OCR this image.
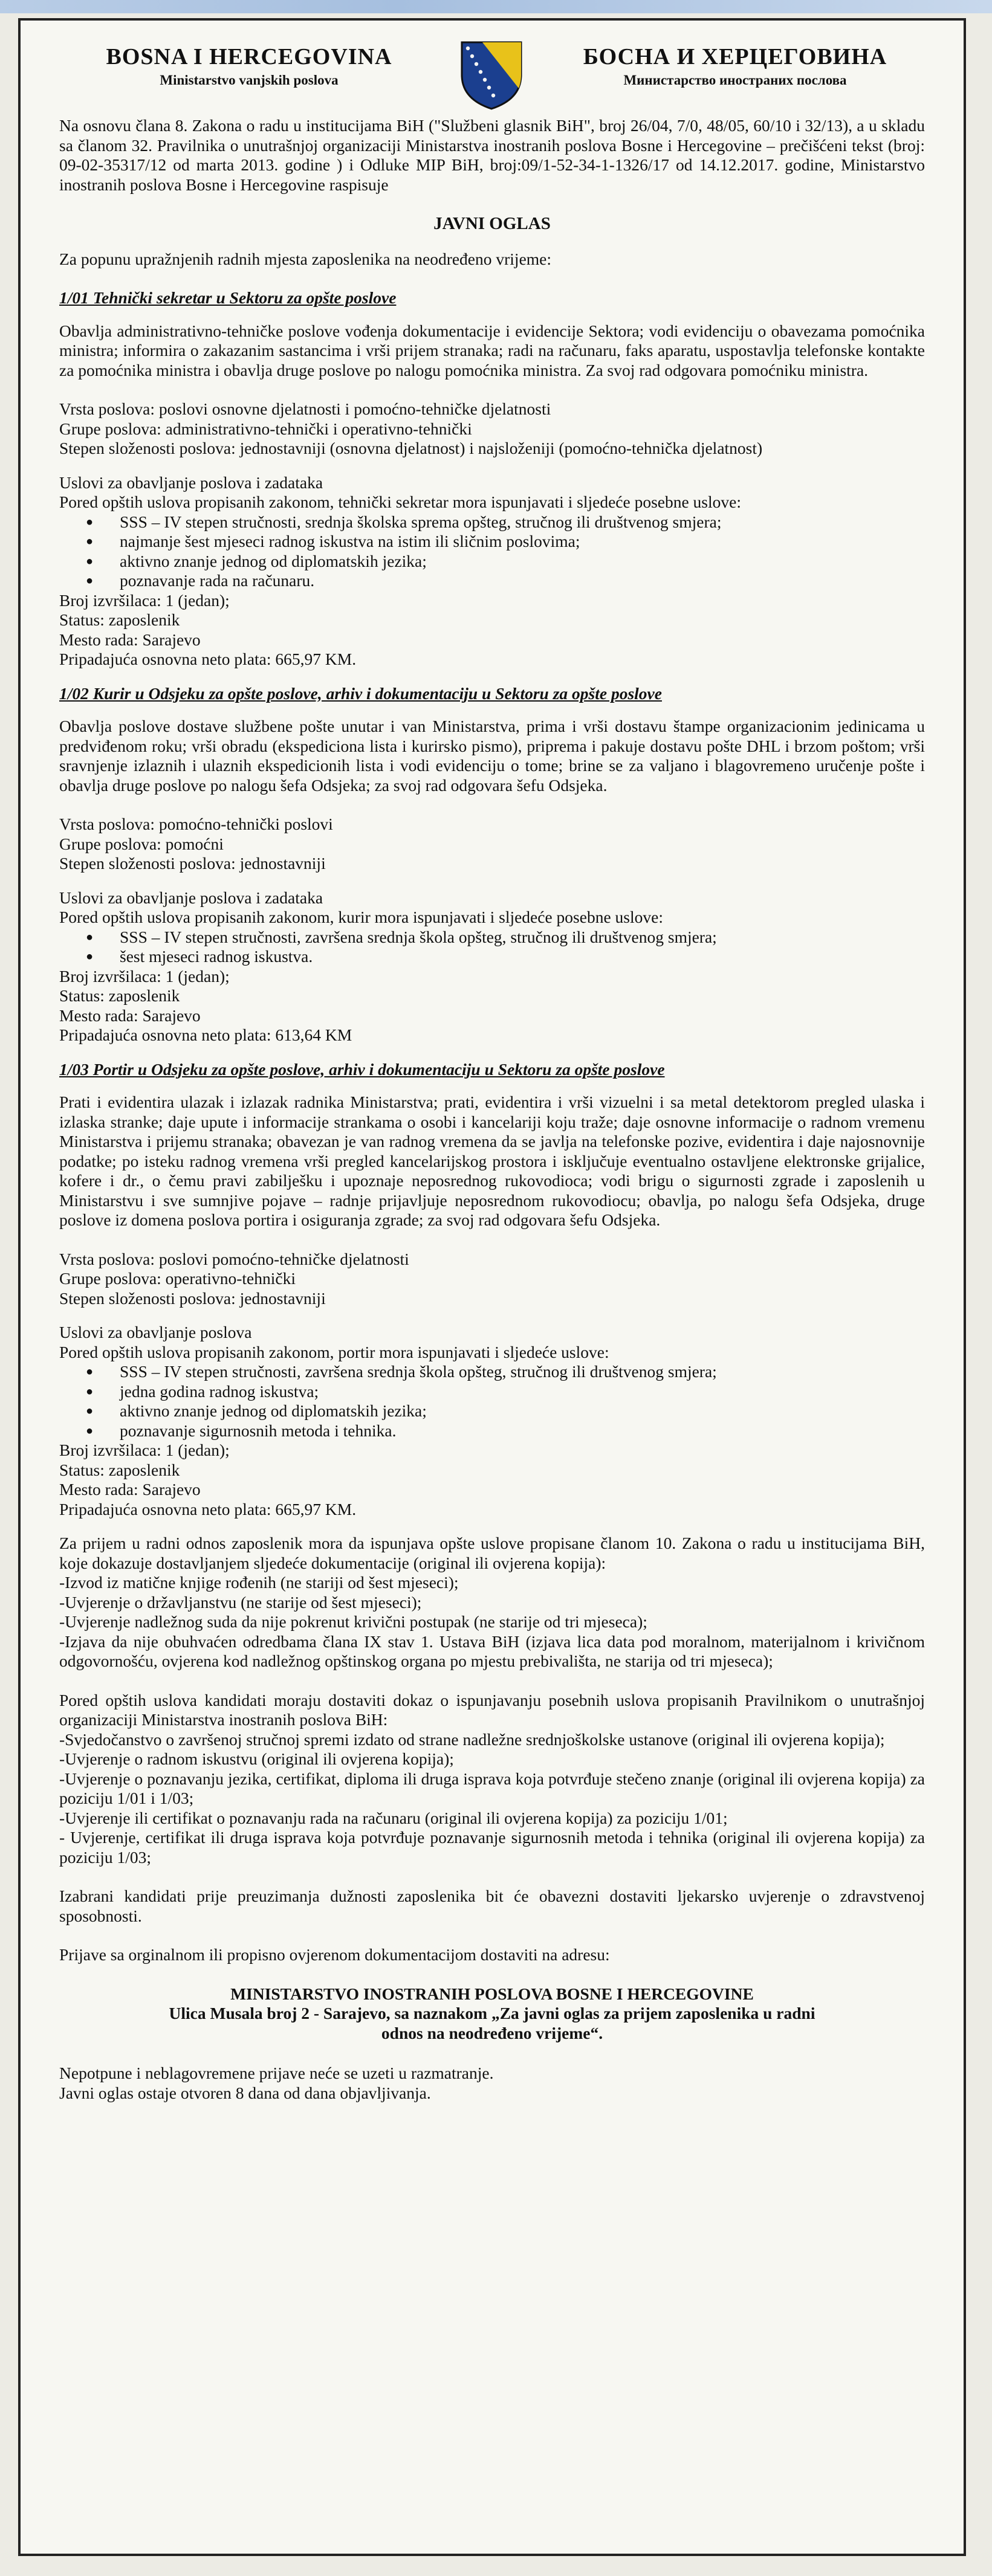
BOSNA I HERCEGOVINA
Ministarstvo vanjskih poslova
БОСНА И ХЕРЦЕГОВИНА
Министарство иностраних послова

Na osnovu člana 8. Zakona o radu u institucijama BiH ("Službeni glasnik BiH", broj 26/04, 7/0, 48/05, 60/10 i 32/13), a u skladu sa članom 32. Pravilnika o unutrašnjoj organizaciji Ministarstva inostranih poslova Bosne i Hercegovine – prečišćeni tekst (broj: 09-02-35317/12 od marta 2013. godine ) i Odluke MIP BiH, broj:09/1-52-34-1-1326/17 od 14.12.2017. godine, Ministarstvo inostranih poslova Bosne i Hercegovine raspisuje

JAVNI OGLAS

Za popunu upražnjenih radnih mjesta zaposlenika na neodređeno vrijeme:

1/01 Tehnički sekretar u Sektoru za opšte poslove

Obavlja administrativno-tehničke poslove vođenja dokumentacije i evidencije Sektora; vodi evidenciju o obavezama pomoćnika ministra; informira o zakazanim sastancima i vrši prijem stranaka; radi na računaru, faks aparatu, uspostavlja telefonske kontakte za pomoćnika ministra i obavlja druge poslove po nalogu pomoćnika ministra. Za svoj rad odgovara pomoćniku ministra.

Vrsta poslova: poslovi osnovne djelatnosti i pomoćno-tehničke djelatnosti
Grupe poslova: administrativno-tehnički i operativno-tehnički
Stepen složenosti poslova: jednostavniji (osnovna djelatnost) i najsloženiji (pomoćno-tehnička djelatnost)
Uslovi za obavljanje poslova i zadataka
Pored opštih uslova propisanih zakonom, tehnički sekretar mora ispunjavati i sljedeće posebne uslove:
● SSS – IV stepen stručnosti, srednja školska sprema opšteg, stručnog ili društvenog smjera;
● najmanje šest mjeseci radnog iskustva na istim ili sličnim poslovima;
● aktivno znanje jednog od diplomatskih jezika;
● poznavanje rada na računaru.
Broj izvršilaca: 1 (jedan);
Status: zaposlenik
Mesto rada: Sarajevo
Pripadajuća osnovna neto plata: 665,97 KM.
1/02 Kurir u Odsjeku za opšte poslove, arhiv i dokumentaciju u Sektoru za opšte poslove

Obavlja poslove dostave službene pošte unutar i van Ministarstva, prima i vrši dostavu štampe organizacionim jedinicama u predviđenom roku; vrši obradu (ekspediciona lista i kurirsko pismo), priprema i pakuje dostavu pošte DHL i brzom poštom; vrši sravnjenje izlaznih i ulaznih ekspedicionih lista i vodi evidenciju o tome; brine se za valjano i blagovremeno uručenje pošte i obavlja druge poslove po nalogu šefa Odsjeka; za svoj rad odgovara šefu Odsjeka.

Vrsta poslova: pomoćno-tehnički poslovi
Grupe poslova: pomoćni
Stepen složenosti poslova: jednostavniji
Uslovi za obavljanje poslova i zadataka
Pored opštih uslova propisanih zakonom, kurir mora ispunjavati i sljedeće posebne uslove:
● SSS – IV stepen stručnosti, završena srednja škola opšteg, stručnog ili društvenog smjera;
● šest mjeseci radnog iskustva.
Broj izvršilaca: 1 (jedan);
Status: zaposlenik
Mesto rada: Sarajevo
Pripadajuća osnovna neto plata: 613,64 KM
1/03 Portir u Odsjeku za opšte poslove, arhiv i dokumentaciju u Sektoru za opšte poslove

Prati i evidentira ulazak i izlazak radnika Ministarstva; prati, evidentira i vrši vizuelni i sa metal detektorom pregled ulaska i izlaska stranke; daje upute i informacije strankama o osobi i kancelariji koju traže; daje osnovne informacije o radnom vremenu Ministarstva i prijemu stranaka; obavezan je van radnog vremena da se javlja na telefonske pozive, evidentira i daje najosnovnije podatke; po isteku radnog vremena vrši pregled kancelarijskog prostora i isključuje eventualno ostavljene elektronske grijalice, kofere i dr., o čemu pravi zabilješku i upoznaje neposrednog rukovodioca; vodi brigu o sigurnosti zgrade i zaposlenih u Ministarstvu i sve sumnjive pojave – radnje prijavljuje neposrednom rukovodiocu; obavlja, po nalogu šefa Odsjeka, druge poslove iz domena poslova portira i osiguranja zgrade; za svoj rad odgovara šefu Odsjeka.

Vrsta poslova: poslovi pomoćno-tehničke djelatnosti
Grupe poslova: operativno-tehnički
Stepen složenosti poslova: jednostavniji
Uslovi za obavljanje poslova
Pored opštih uslova propisanih zakonom, portir mora ispunjavati i sljedeće uslove:
● SSS – IV stepen stručnosti, završena srednja škola opšteg, stručnog ili društvenog smjera;
● jedna godina radnog iskustva;
● aktivno znanje jednog od diplomatskih jezika;
● poznavanje sigurnosnih metoda i tehnika.
Broj izvršilaca: 1 (jedan);
Status: zaposlenik
Mesto rada: Sarajevo
Pripadajuća osnovna neto plata: 665,97 KM.
Za prijem u radni odnos zaposlenik mora da ispunjava opšte uslove propisane članom 10. Zakona o radu u institucijama BiH, koje dokazuje dostavljanjem sljedeće dokumentacije (original ili ovjerena kopija):
-Izvod iz matične knjige rođenih (ne stariji od šest mjeseci);
-Uvjerenje o državljanstvu (ne starije od šest mjeseci);
-Uvjerenje nadležnog suda da nije pokrenut krivični postupak (ne starije od tri mjeseca);
-Izjava da nije obuhvaćen odredbama člana IX stav 1. Ustava BiH (izjava lica data pod moralnom, materijalnom i krivičnom odgovornošću, ovjerena kod nadležnog opštinskog organa po mjestu prebivališta, ne starija od tri mjeseca);
Pored opštih uslova kandidati moraju dostaviti dokaz o ispunjavanju posebnih uslova propisanih Pravilnikom o unutrašnjoj organizaciji Ministarstva inostranih poslova BiH:
-Svjedočanstvo o završenoj stručnoj spremi izdato od strane nadležne srednjoškolske ustanove (original ili ovjerena kopija);
-Uvjerenje o radnom iskustvu (original ili ovjerena kopija);
-Uvjerenje o poznavanju jezika, certifikat, diploma ili druga isprava koja potvrđuje stečeno znanje (original ili ovjerena kopija) za poziciju 1/01 i 1/03;
-Uvjerenje ili certifikat o poznavanju rada na računaru (original ili ovjerena kopija) za poziciju 1/01;
- Uvjerenje, certifikat ili druga isprava koja potvrđuje poznavanje sigurnosnih metoda i tehnika (original ili ovjerena kopija) za poziciju 1/03;

Izabrani kandidati prije preuzimanja dužnosti zaposlenika bit će obavezni dostaviti ljekarsko uvjerenje o zdravstvenoj sposobnosti.

Prijave sa orginalnom ili propisno ovjerenom dokumentacijom dostaviti na adresu:

MINISTARSTVO INOSTRANIH POSLOVA BOSNE I HERCEGOVINE
Ulica Musala broj 2 - Sarajevo, sa naznakom „Za javni oglas za prijem zaposlenika u radni
odnos na neodređeno vrijeme“.
Nepotpune i neblagovremene prijave neće se uzeti u razmatranje.
Javni oglas ostaje otvoren 8 dana od dana objavljivanja.
